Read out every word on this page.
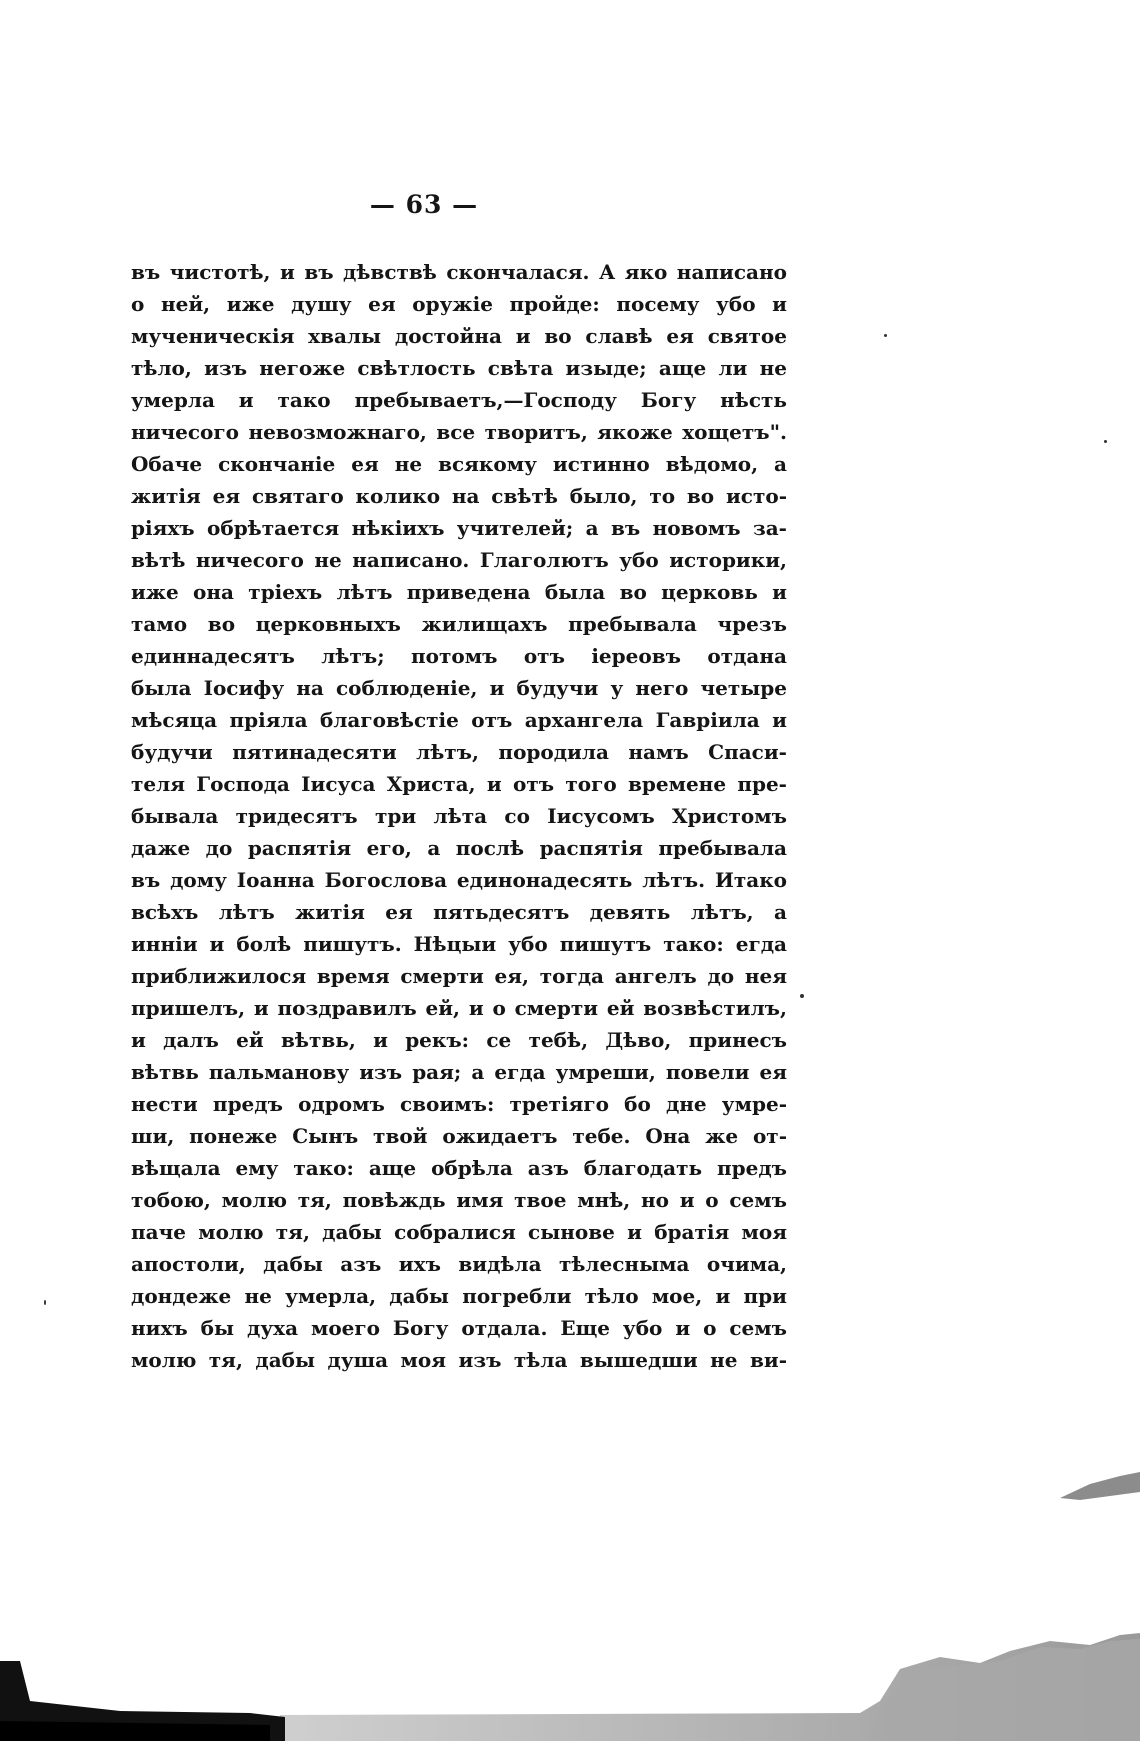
— 63 —
въ чистотѣ, и въ дѣвствѣ скончалася. А яко написано
о ней, иже душу ея оружіе пройде: посему убо и
мученическія хвалы достойна и во славѣ ея святое
тѣло, изъ негоже свѣтлость свѣта изыде; аще ли не
умерла и тако пребываетъ,—Господу Богу нѣсть
ничесого невозможнаго, все творитъ, якоже хощетъ".
Обаче скончаніе ея не всякому истинно вѣдомо, а
житія ея святаго колико на свѣтѣ было, то во исто-
ріяхъ обрѣтается нѣкіихъ учителей; а въ новомъ за-
вѣтѣ ничесого не написано. Глаголютъ убо историки,
иже она тріехъ лѣтъ приведена была во церковь и
тамо во церковныхъ жилищахъ пребывала чрезъ
единнадесятъ лѣтъ; потомъ отъ іереовъ отдана
была Іосифу на соблюденіе, и будучи у него четыре
мѣсяца пріяла благовѣстіе отъ архангела Гавріила и
будучи пятинадесяти лѣтъ, породила намъ Спаси-
теля Господа Іисуса Христа, и отъ того времене пре-
бывала тридесятъ три лѣта со Іисусомъ Христомъ
даже до распятія его, а послѣ распятія пребывала
въ дому Іоанна Богослова единонадесять лѣтъ. Итако
всѣхъ лѣтъ житія ея пятьдесятъ девять лѣтъ, а
инніи и болѣ пишутъ. Нѣцыи убо пишутъ тако: егда
приближилося время смерти ея, тогда ангелъ до нея
пришелъ, и поздравилъ ей, и о смерти ей возвѣстилъ,
и далъ ей вѣтвь, и рекъ: се тебѣ, Дѣво, принесъ
вѣтвь пальманову изъ рая; а егда умреши, повели ея
нести предъ одромъ своимъ: третіяго бо дне умре-
ши, понеже Сынъ твой ожидаетъ тебе. Она же от-
вѣщала ему тако: аще обрѣла азъ благодать предъ
тобою, молю тя, повѣждь имя твое мнѣ, но и о семъ
паче молю тя, дабы собралися сынове и братія моя
апостоли, дабы азъ ихъ видѣла тѣлесныма очима,
дондеже не умерла, дабы погребли тѣло мое, и при
нихъ бы духа моего Богу отдала. Еще убо и о семъ
молю тя, дабы душа моя изъ тѣла вышедши не ви-
